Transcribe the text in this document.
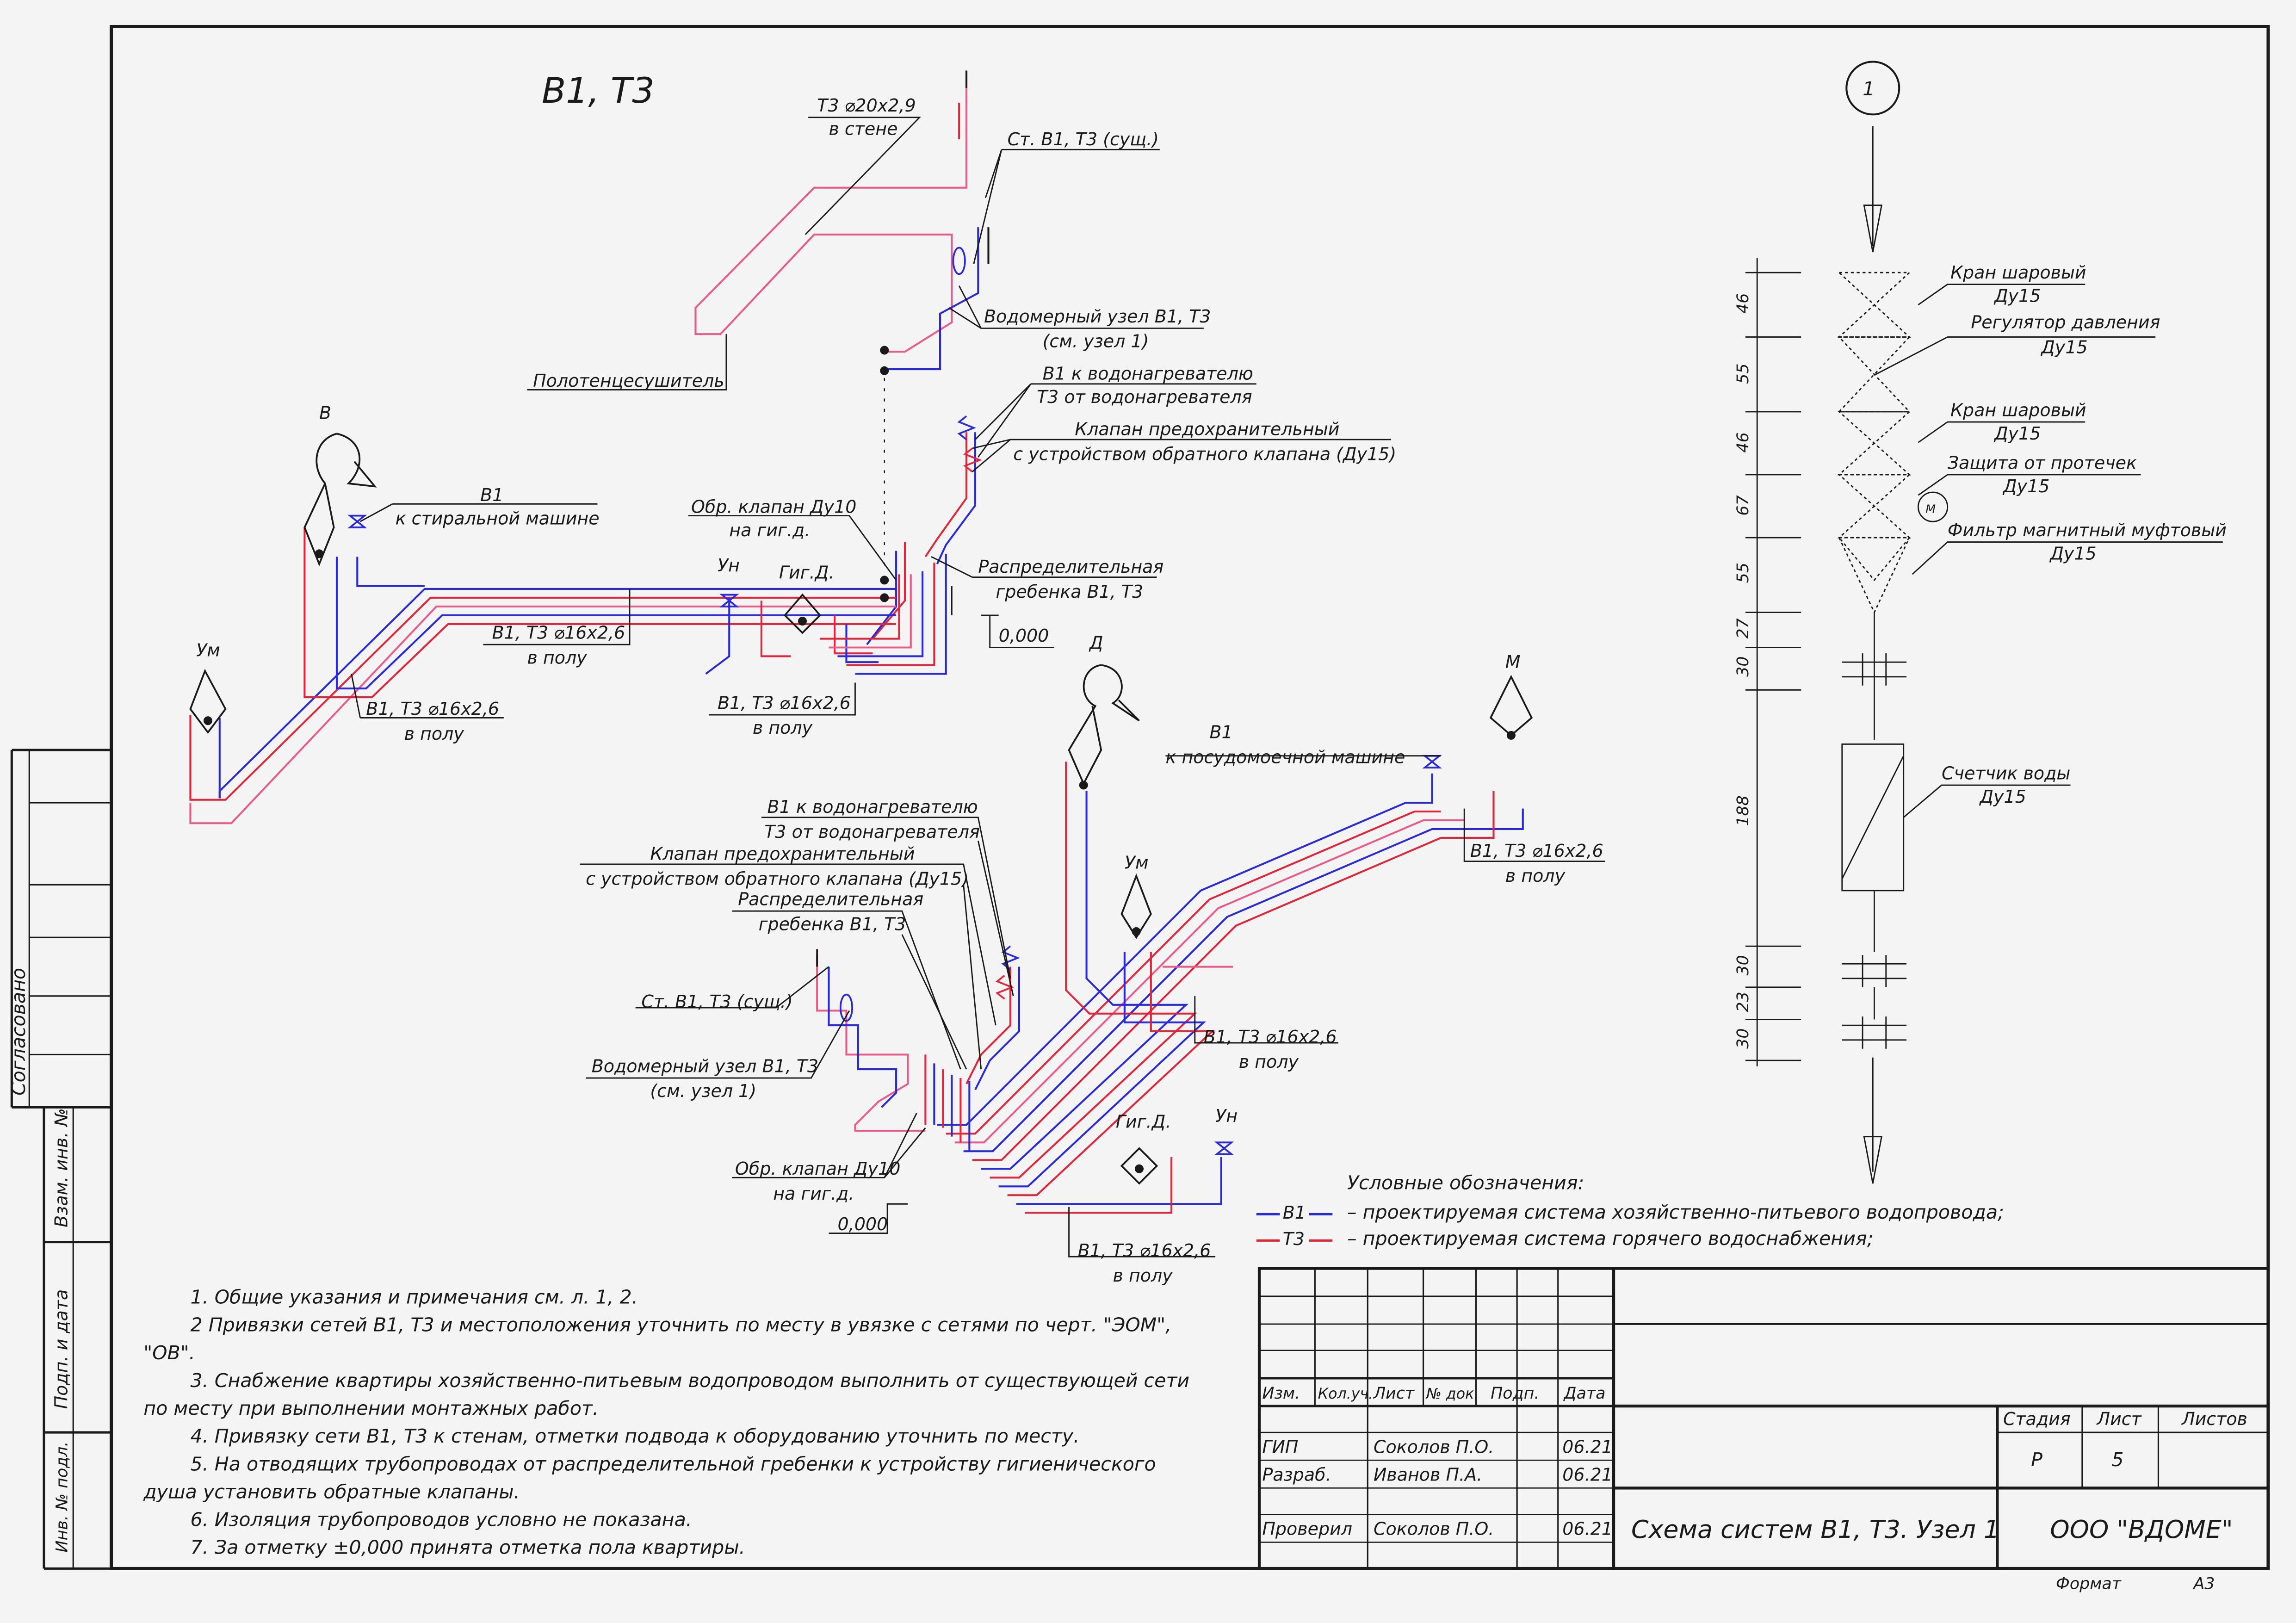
Согласовано
Взам. инв. №
Подп. и дата
Инв. № подл.
В1, Т3	Т3 ⌀20х2,9
в стене
Ст. В1, Т3 (сущ.)
Водомерный узел В1, Т3
(см. узел 1)
Полотенцесушитель	В1 к водонагревателю
Т3 от водонагревателя
Клапан предохранительный
с устройством обратного клапана (Ду15)
В
В1
к стиральной машине
Обр. клапан Ду10
на гиг.д.
Ун	Гиг.Д.	Распределительная
гребенка В1, Т3
В1, Т3 ⌀16х2,6
в полу
0,000
Ум
В1, Т3 ⌀16х2,6
в полу
В1, Т3 ⌀16х2,6
в полу	В1
к посудомоечной машине
Д
М
В1, Т3 ⌀16х2,6
в полу
В1 к водонагревателю
Т3 от водонагревателя
Клапан предохранительный
с устройством обратного клапана (Ду15)
Распределительная
гребенка В1, Т3
Ум
Ст. В1, Т3 (сущ.)
Водомерный узел В1, Т3
(см. узел 1)
В1, Т3 ⌀16х2,6
в полу
Гиг.Д.	Ун
Обр. клапан Ду10
на гиг.д.
0,000
В1, Т3 ⌀16х2,6
в полу
1
М
Кран шаровый
Ду15
Регулятор давления
Ду15
Кран шаровый
Ду15
Защита от протечек
Ду15
Фильтр магнитный муфтовый
Ду15
Счетчик воды
Ду15
46
55
46
67
55
27
30
188
30
23
30
Условные обозначения:
В1	– проектируемая система хозяйственно-питьевого водопровода;
Т3	– проектируемая система горячего водоснабжения;
1. Общие указания и примечания см. л. 1, 2.
2 Привязки сетей В1, Т3 и местоположения уточнить по месту в увязке с сетями по черт. "ЭОМ",
"ОВ".
3. Снабжение квартиры хозяйственно-питьевым водопроводом выполнить от существующей сети
по месту при выполнении монтажных работ.
4. Привязку сети В1, Т3 к стенам, отметки подвода к оборудованию уточнить по месту.
5. На отводящих трубопроводах от распределительной гребенки к устройству гигиенического
душа установить обратные клапаны.
6. Изоляция трубопроводов условно не показана.
7. За отметку ±0,000 принята отметка пола квартиры.
Изм.	Кол.уч. Лист	№ док. Подп.	Дата
ГИП	Соколов П.О.	06.21
Разраб.	Иванов П.А.	06.21
Проверил	Соколов П.О.	06.21
Стадия	Лист	Листов
Р	5
Схема систем В1, Т3. Узел 1	ООО "ВДОМЕ"
Формат	А3
